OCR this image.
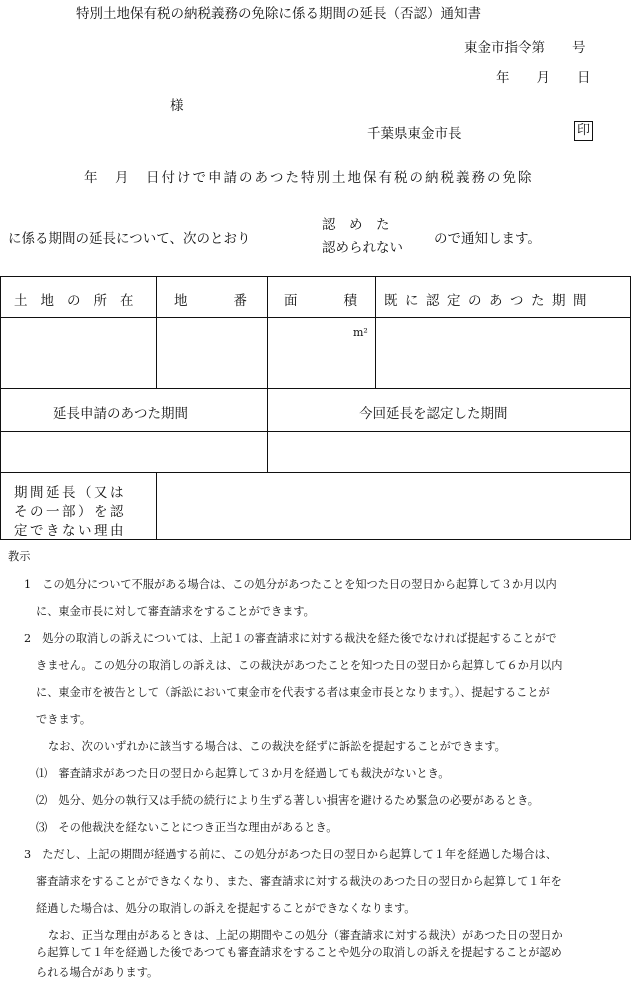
特別土地保有税の納税義務の免除に係る期間の延長（否認）通知書
東金市指令第　　号
年　　月　　日
様
千葉県東金市長	印
年　月　日付けで申請のあつた特別土地保有税の納税義務の免除
に係る期間の延長について、次のとおり
認　め　た
認められない
ので通知します。
土地の所在 地番
面積
既に認定のあつた期間
m²
延長申請のあつた期間	今回延長を認定した期間
期間延長（又は
その一部）を認
定できない理由
教示
1　この処分について不服がある場合は、この処分があつたことを知つた日の翌日から起算して３か月以内
に、東金市長に対して審査請求をすることができます。
2　処分の取消しの訴えについては、上記１の審査請求に対する裁決を経た後でなければ提起することがで
きません。この処分の取消しの訴えは、この裁決があつたことを知つた日の翌日から起算して６か月以内
に、東金市を被告として（訴訟において東金市を代表する者は東金市長となります。）、提起することが
できます。
なお、次のいずれかに該当する場合は、この裁決を経ずに訴訟を提起することができます。
⑴　審査請求があつた日の翌日から起算して３か月を経過しても裁決がないとき。
⑵　処分、処分の執行又は手続の続行により生ずる著しい損害を避けるため緊急の必要があるとき。
⑶　その他裁決を経ないことにつき正当な理由があるとき。
3　ただし、上記の期間が経過する前に、この処分があつた日の翌日から起算して１年を経過した場合は、
審査請求をすることができなくなり、また、審査請求に対する裁決のあつた日の翌日から起算して１年を
経過した場合は、処分の取消しの訴えを提起することができなくなります。
なお、正当な理由があるときは、上記の期間やこの処分（審査請求に対する裁決）があつた日の翌日か
ら起算して１年を経過した後であつても審査請求をすることや処分の取消しの訴えを提起することが認め
られる場合があります。
